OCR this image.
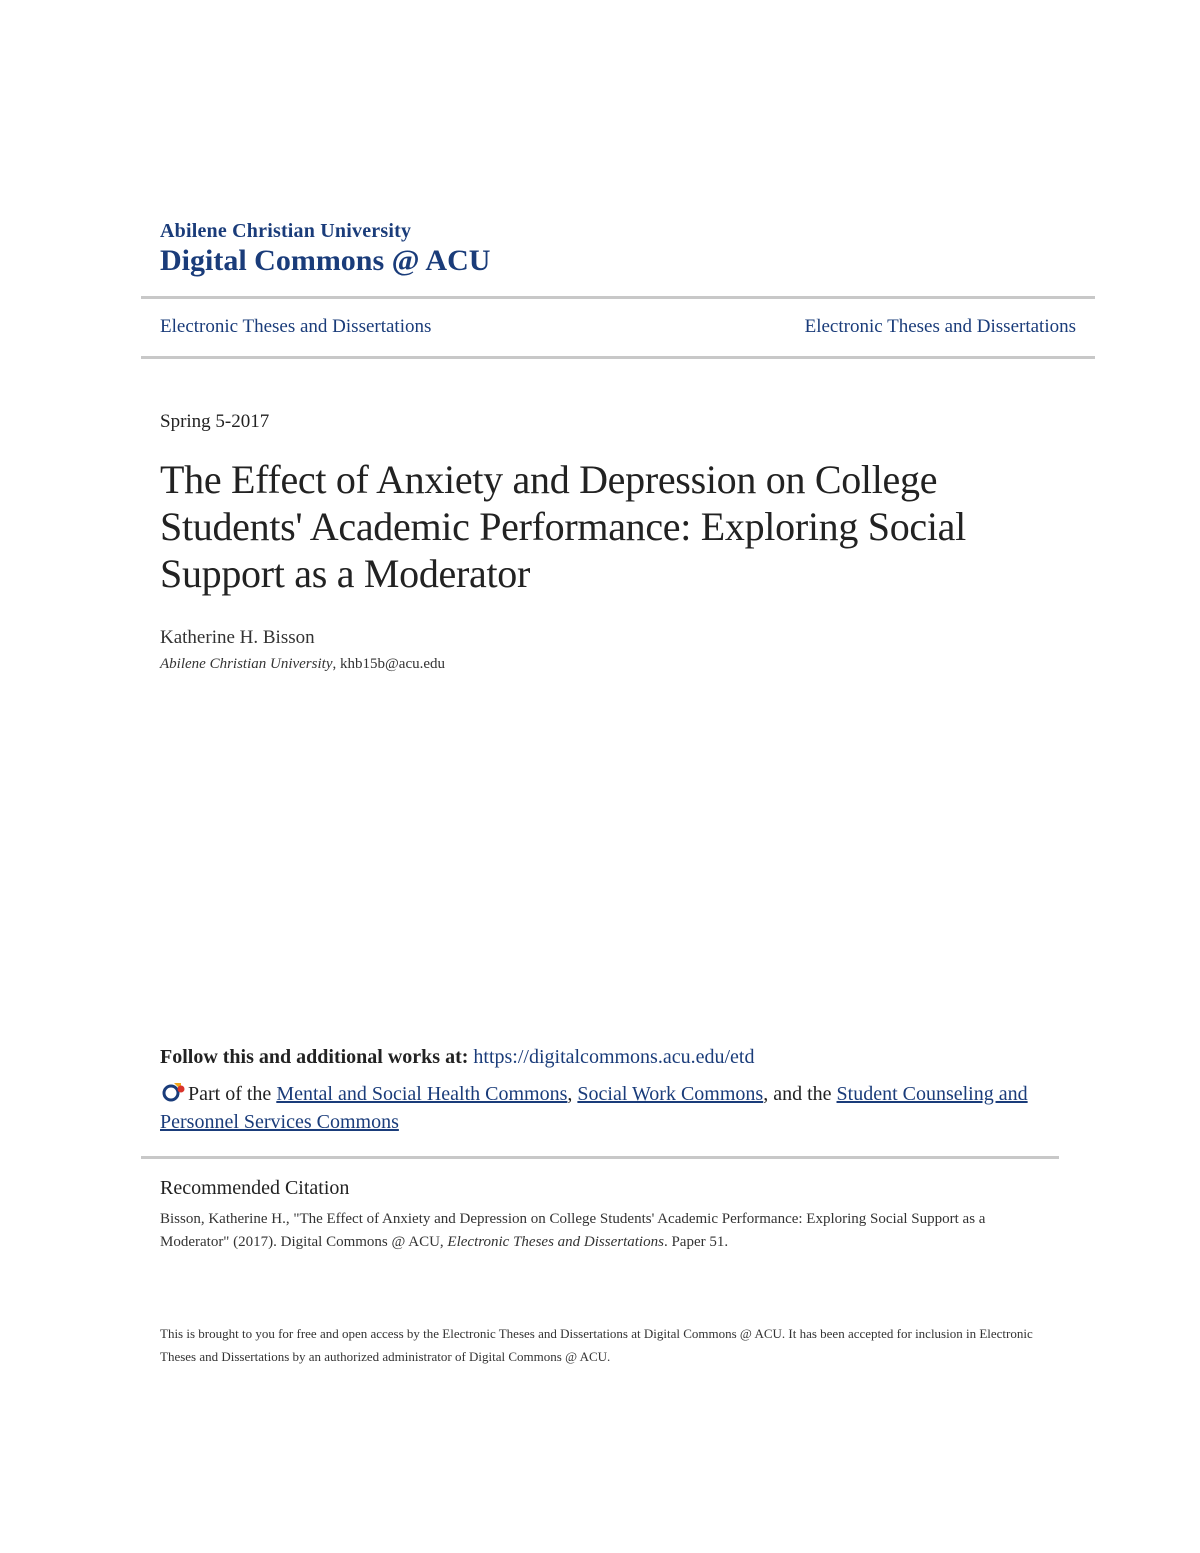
Abilene Christian University
Digital Commons @ ACU
Electronic Theses and Dissertations	Electronic Theses and Dissertations
Spring 5-2017
The Effect of Anxiety and Depression on College Students' Academic Performance: Exploring Social Support as a Moderator
Katherine H. Bisson
Abilene Christian University, khb15b@acu.edu
Follow this and additional works at: https://digitalcommons.acu.edu/etd
Part of the Mental and Social Health Commons, Social Work Commons, and the Student Counseling and Personnel Services Commons
Recommended Citation
Bisson, Katherine H., "The Effect of Anxiety and Depression on College Students' Academic Performance: Exploring Social Support as a Moderator" (2017). Digital Commons @ ACU, Electronic Theses and Dissertations. Paper 51.
This is brought to you for free and open access by the Electronic Theses and Dissertations at Digital Commons @ ACU. It has been accepted for inclusion in Electronic Theses and Dissertations by an authorized administrator of Digital Commons @ ACU.
